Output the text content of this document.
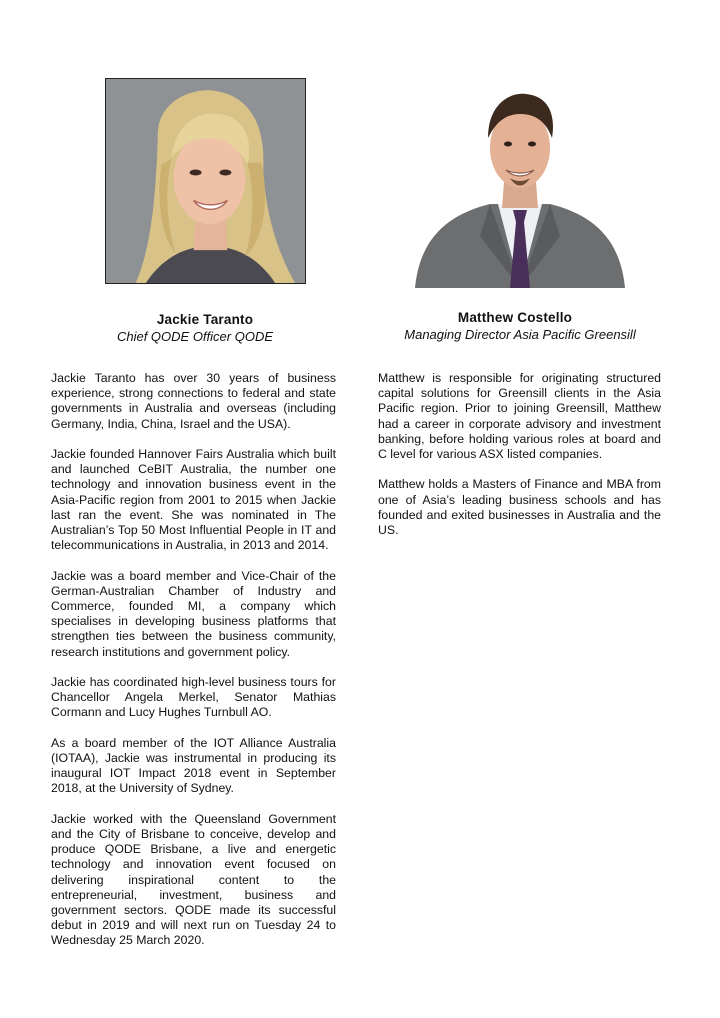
Jackie Taranto
Chief QODE Officer QODE
Matthew Costello
Managing Director Asia Pacific Greensill

Jackie Taranto has over 30 years of business experience, strong connections to federal and state governments in Australia and overseas (including Germany, India, China, Israel and the USA).

Jackie founded Hannover Fairs Australia which built and launched CeBIT Australia, the number one technology and innovation business event in the Asia-Pacific region from 2001 to 2015 when Jackie last ran the event. She was nominated in The Australian’s Top 50 Most Influential People in IT and telecommunications in Australia, in 2013 and 2014.

Jackie was a board member and Vice-Chair of the German-Australian Chamber of Industry and Commerce, founded MI, a company which specialises in developing business platforms that strengthen ties between the business community, research institutions and government policy.

Jackie has coordinated high-level business tours for Chancellor Angela Merkel, Senator Mathias Cormann and Lucy Hughes Turnbull AO.

As a board member of the IOT Alliance Australia (IOTAA), Jackie was instrumental in producing its inaugural IOT Impact 2018 event in September 2018, at the University of Sydney.

Jackie worked with the Queensland Government and the City of Brisbane to conceive, develop and produce QODE Brisbane, a live and energetic technology and innovation event focused on delivering inspirational content to the entrepreneurial, investment, business and government sectors. QODE made its successful debut in 2019 and will next run on Tuesday 24 to Wednesday 25 March 2020.

Matthew is responsible for originating structured capital solutions for Greensill clients in the Asia Pacific region. Prior to joining Greensill, Matthew had a career in corporate advisory and investment banking, before holding various roles at board and C level for various ASX listed companies.

Matthew holds a Masters of Finance and MBA from one of Asia’s leading business schools and has founded and exited businesses in Australia and the US.
